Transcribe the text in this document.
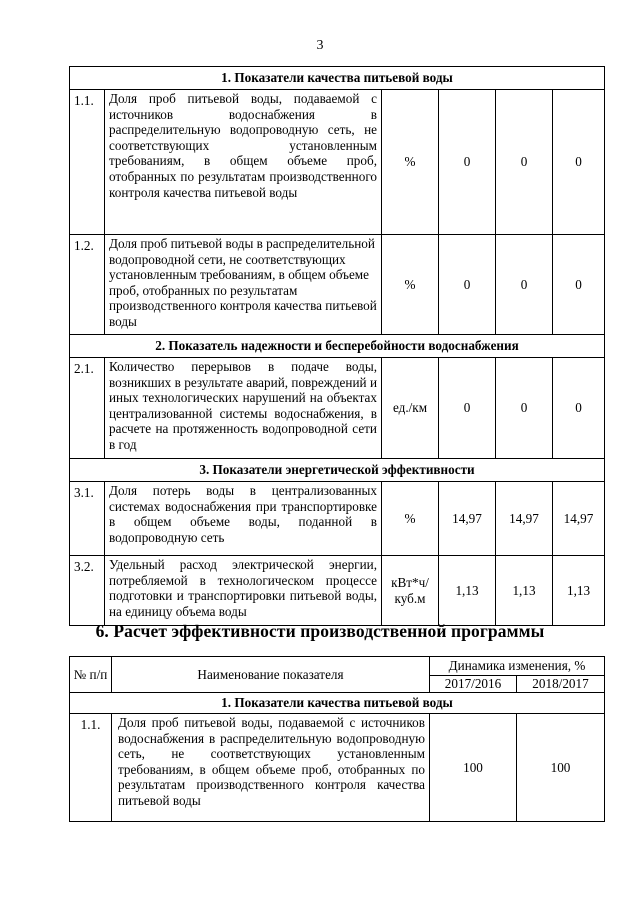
3
1. Показатели качества питьевой воды					
1.1.	Доля проб питьевой воды, подаваемой с источников водоснабжения в распределительную водопроводную сеть, не соответствующих установленным требованиям, в общем объеме проб, отобранных по результатам производственного контроля качества питьевой воды	%	0	0	0
1.2.	Доля проб питьевой воды в распределительной водопроводной сети, не соответствующих установленным требованиям, в общем объеме проб, отобранных по результатам производственного контроля качества питьевой воды	%	0	0	0
2. Показатель надежности и бесперебойности водоснабжения					
2.1.	Количество перерывов в подаче воды, возникших в результате аварий, повреждений и иных технологических нарушений на объектах централизованной системы водоснабжения, в расчете на протяженность водопроводной сети в год	ед./км	0	0	0
3. Показатели энергетической эффективности					
3.1.	Доля потерь воды в централизованных системах водоснабжения при транспортировке в общем объеме воды, поданной в водопроводную сеть	%	14,97	14,97	14,97
3.2.	Удельный расход электрической энергии, потребляемой в технологическом процессе подготовки и транспортировки питьевой воды, на единицу объема воды	кВт*ч/ куб.м	1,13	1,13	1,13
6. Расчет эффективности производственной программы
№ п/п	Наименование показателя	Динамика изменения, %	
		2017/2016	2018/2017
1. Показатели качества питьевой воды			
1.1.	Доля проб питьевой воды, подаваемой с источников водоснабжения в распределительную водопроводную сеть, не соответствующих установленным требованиям, в общем объеме проб, отобранных по результатам производственного контроля качества питьевой воды	100	100
